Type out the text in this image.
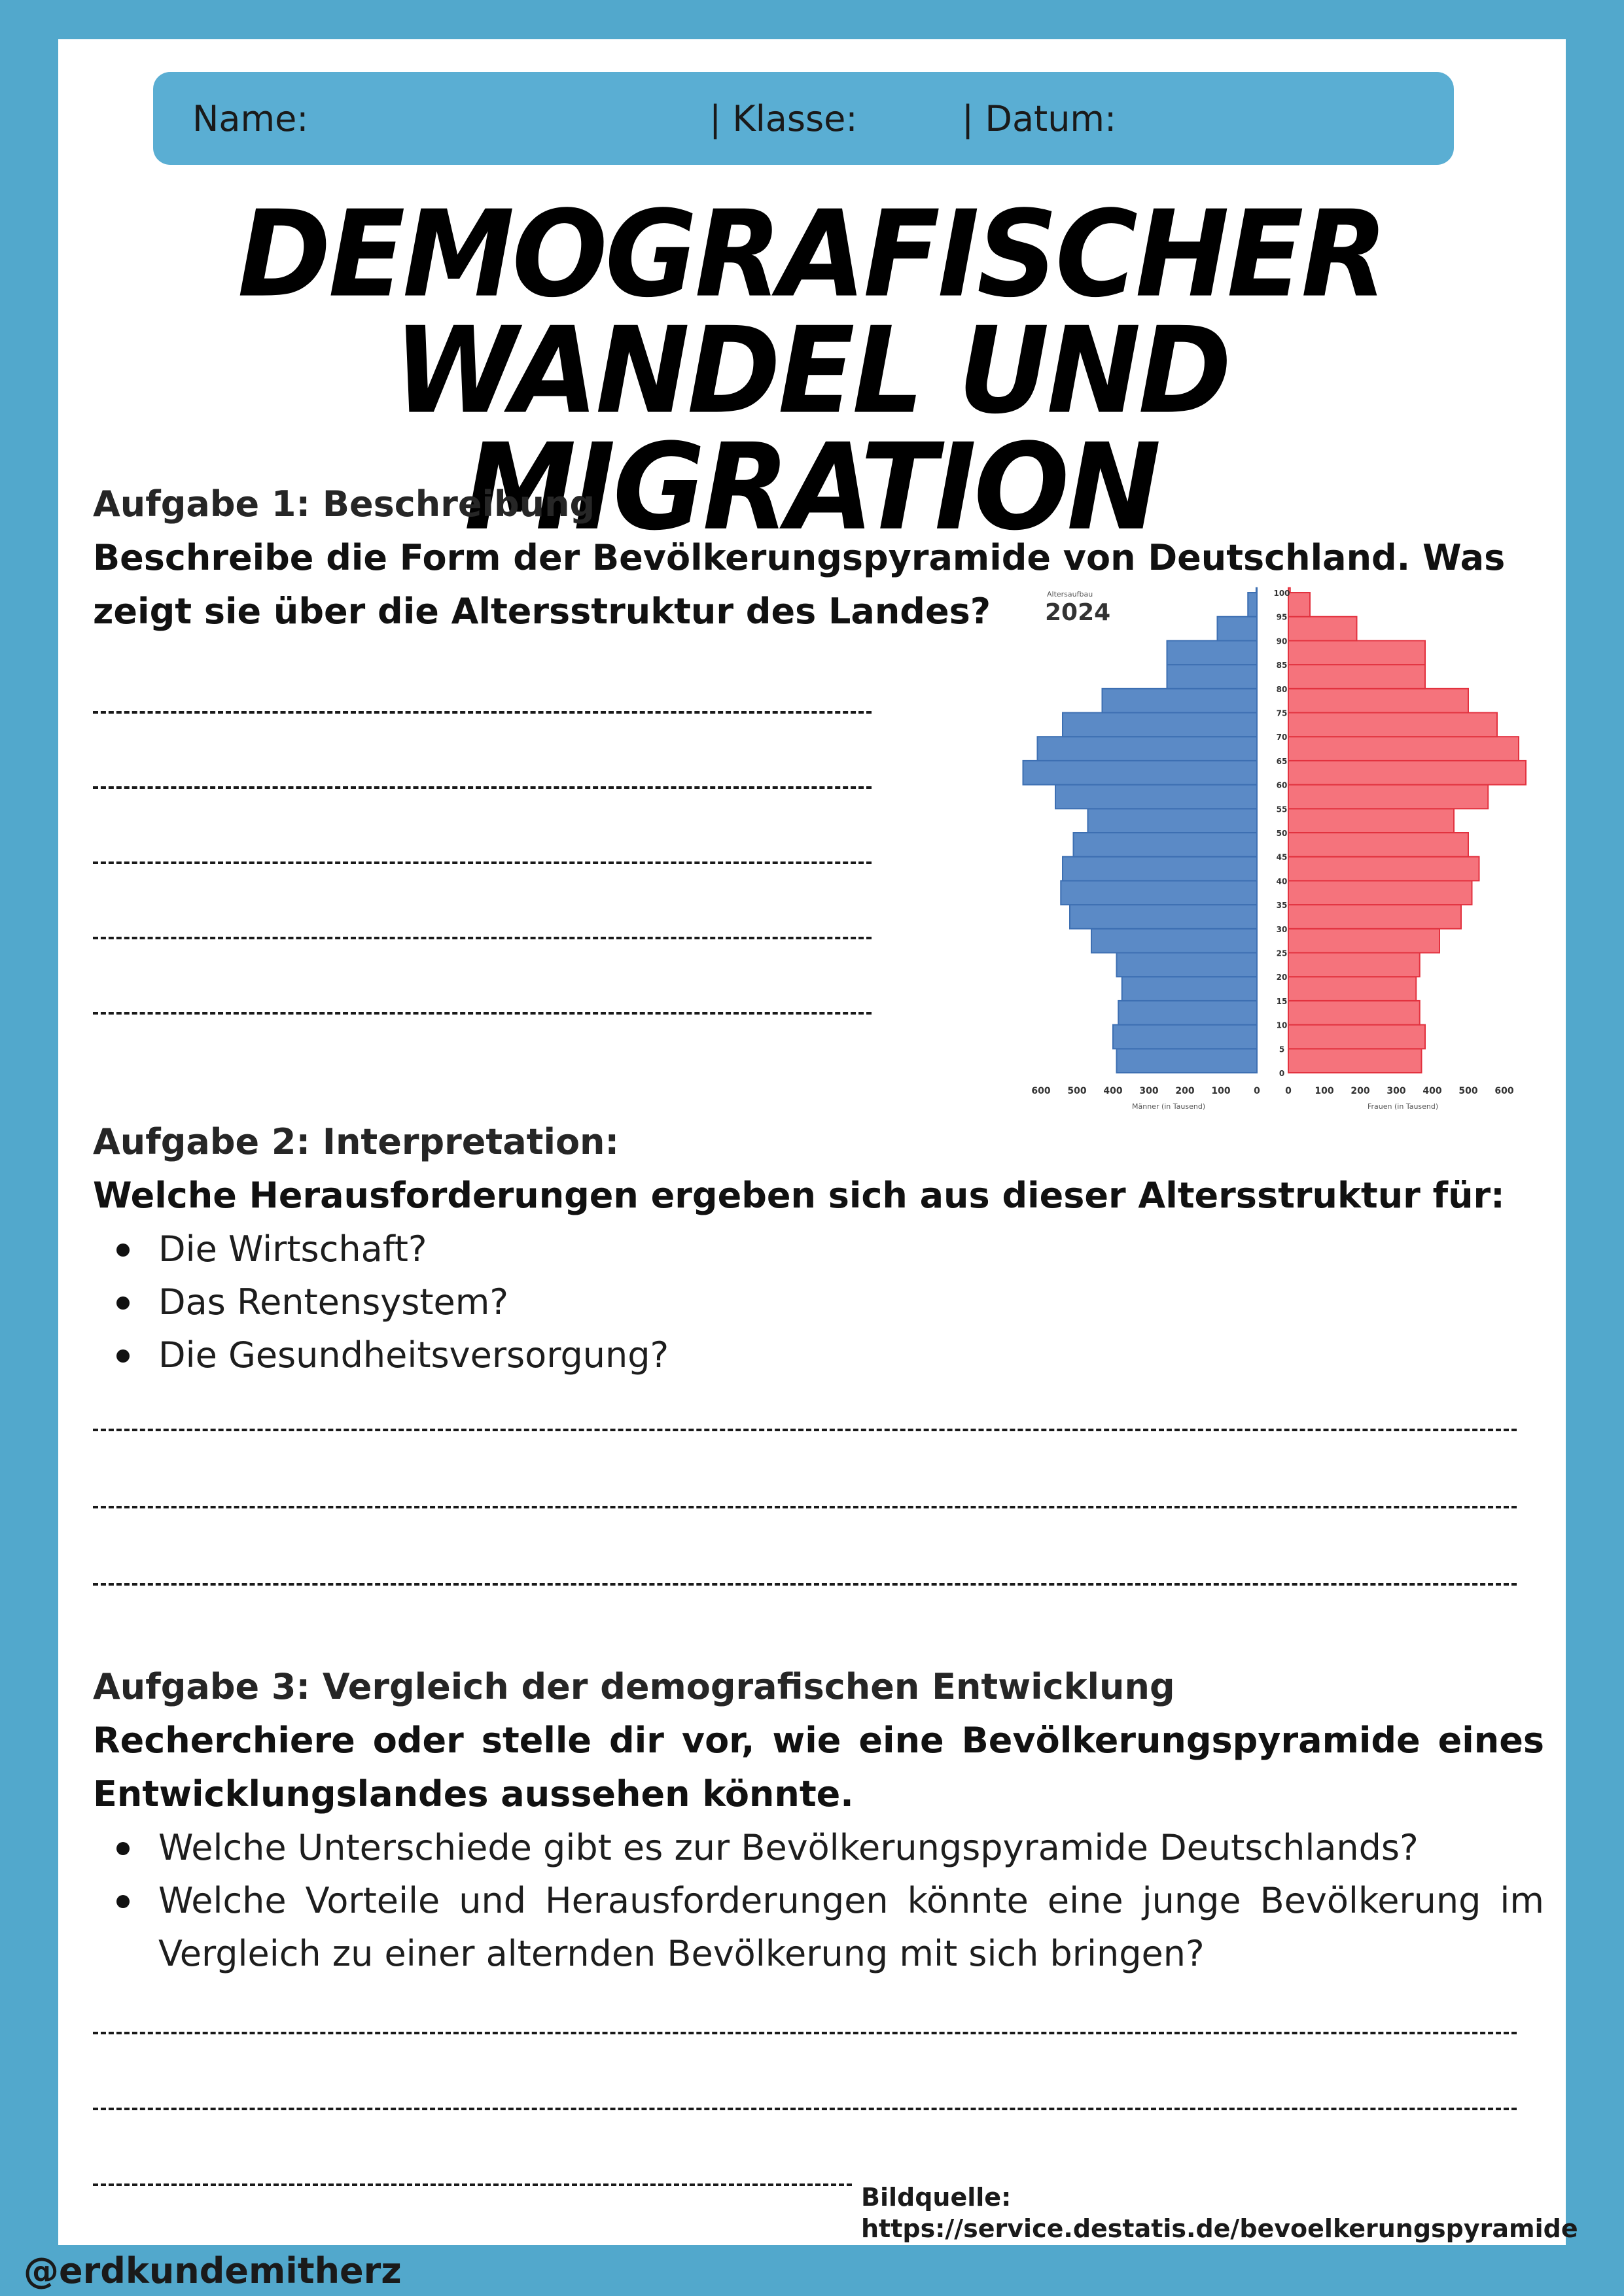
Name:	| Klasse:	| Datum:
DEMOGRAFISCHER WANDEL UND MIGRATION
Aufgabe 1: Beschreibung
Beschreibe die Form der Bevölkerungspyramide von Deutschland. Was zeigt sie über die Altersstruktur des Landes?	Altersaufbau
2024
100
95
90
85
80
75
70
65
60
55
50
45
40
35
30
25
20
15
10
5
0
1935
1940
1945
1950
1955
1960
1965
1970
1975
1980
1985
1990
1995
2000
2005
2010
2015
2020
600	600
500	500
400	400
300	300
200	200
100	100
0	0
Männer (in Tausend)	Frauen (in Tausend)
Aufgabe 2: Interpretation:
Welche Herausforderungen ergeben sich aus dieser Altersstruktur für:
Die Wirtschaft?
Das Rentensystem?
Die Gesundheitsversorgung?
Aufgabe 3: Vergleich der demografischen Entwicklung
Recherchiere oder stelle dir vor, wie eine Bevölkerungspyramide eines Entwicklungslandes aussehen könnte.
Welche Unterschiede gibt es zur Bevölkerungspyramide Deutschlands?
Welche Vorteile und Herausforderungen könnte eine junge Bevölkerung im Vergleich zu einer alternden Bevölkerung mit sich bringen?
Bildquelle:
https://service.destatis.de/bevoelkerungspyramide
@erdkundemitherz
